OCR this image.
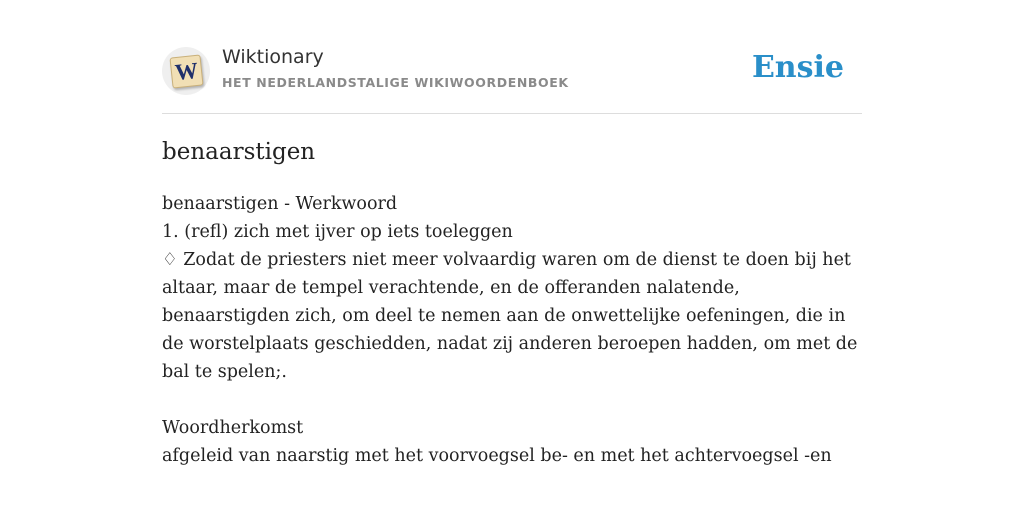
W
Wiktionary
HET NEDERLANDSTALIGE WIKIWOORDENBOEK	Ensie
benaarstigen
benaarstigen - Werkwoord
1. (refl) zich met ijver op iets toeleggen
♢ Zodat de priesters niet meer volvaardig waren om de dienst te doen bij het altaar, maar de tempel verachtende, en de offeranden nalatende, benaarstigden zich, om deel te nemen aan de onwettelijke oefeningen, die in de worstelplaats geschiedden, nadat zij anderen beroepen hadden, om met de bal te spelen;.
Woordherkomst
afgeleid van naarstig met het voorvoegsel be- en met het achtervoegsel -en
